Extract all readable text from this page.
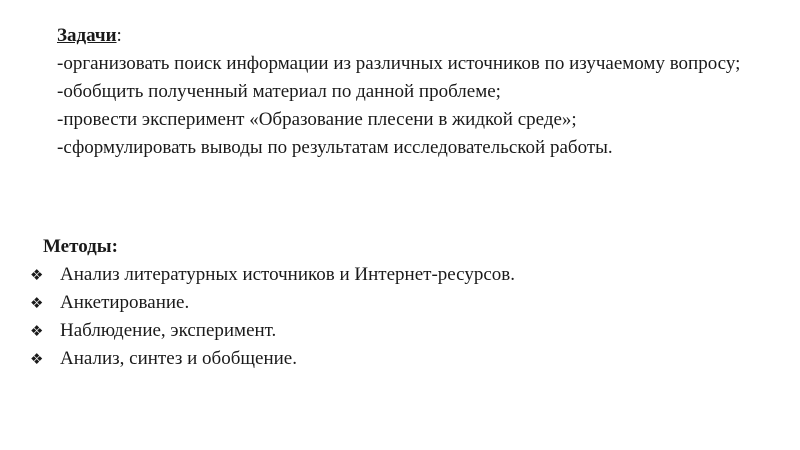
Задачи:

-организовать поиск информации из различных источников по изучаемому вопросу;

-обобщить полученный материал по данной проблеме;

-провести эксперимент «Образование плесени в жидкой среде»;

-сформулировать выводы по результатам исследовательской работы.

Методы:

❖ Анализ литературных источников и Интернет-ресурсов.
❖ Анкетирование.
❖ Наблюдение, эксперимент.
❖ Анализ, синтез и обобщение.
